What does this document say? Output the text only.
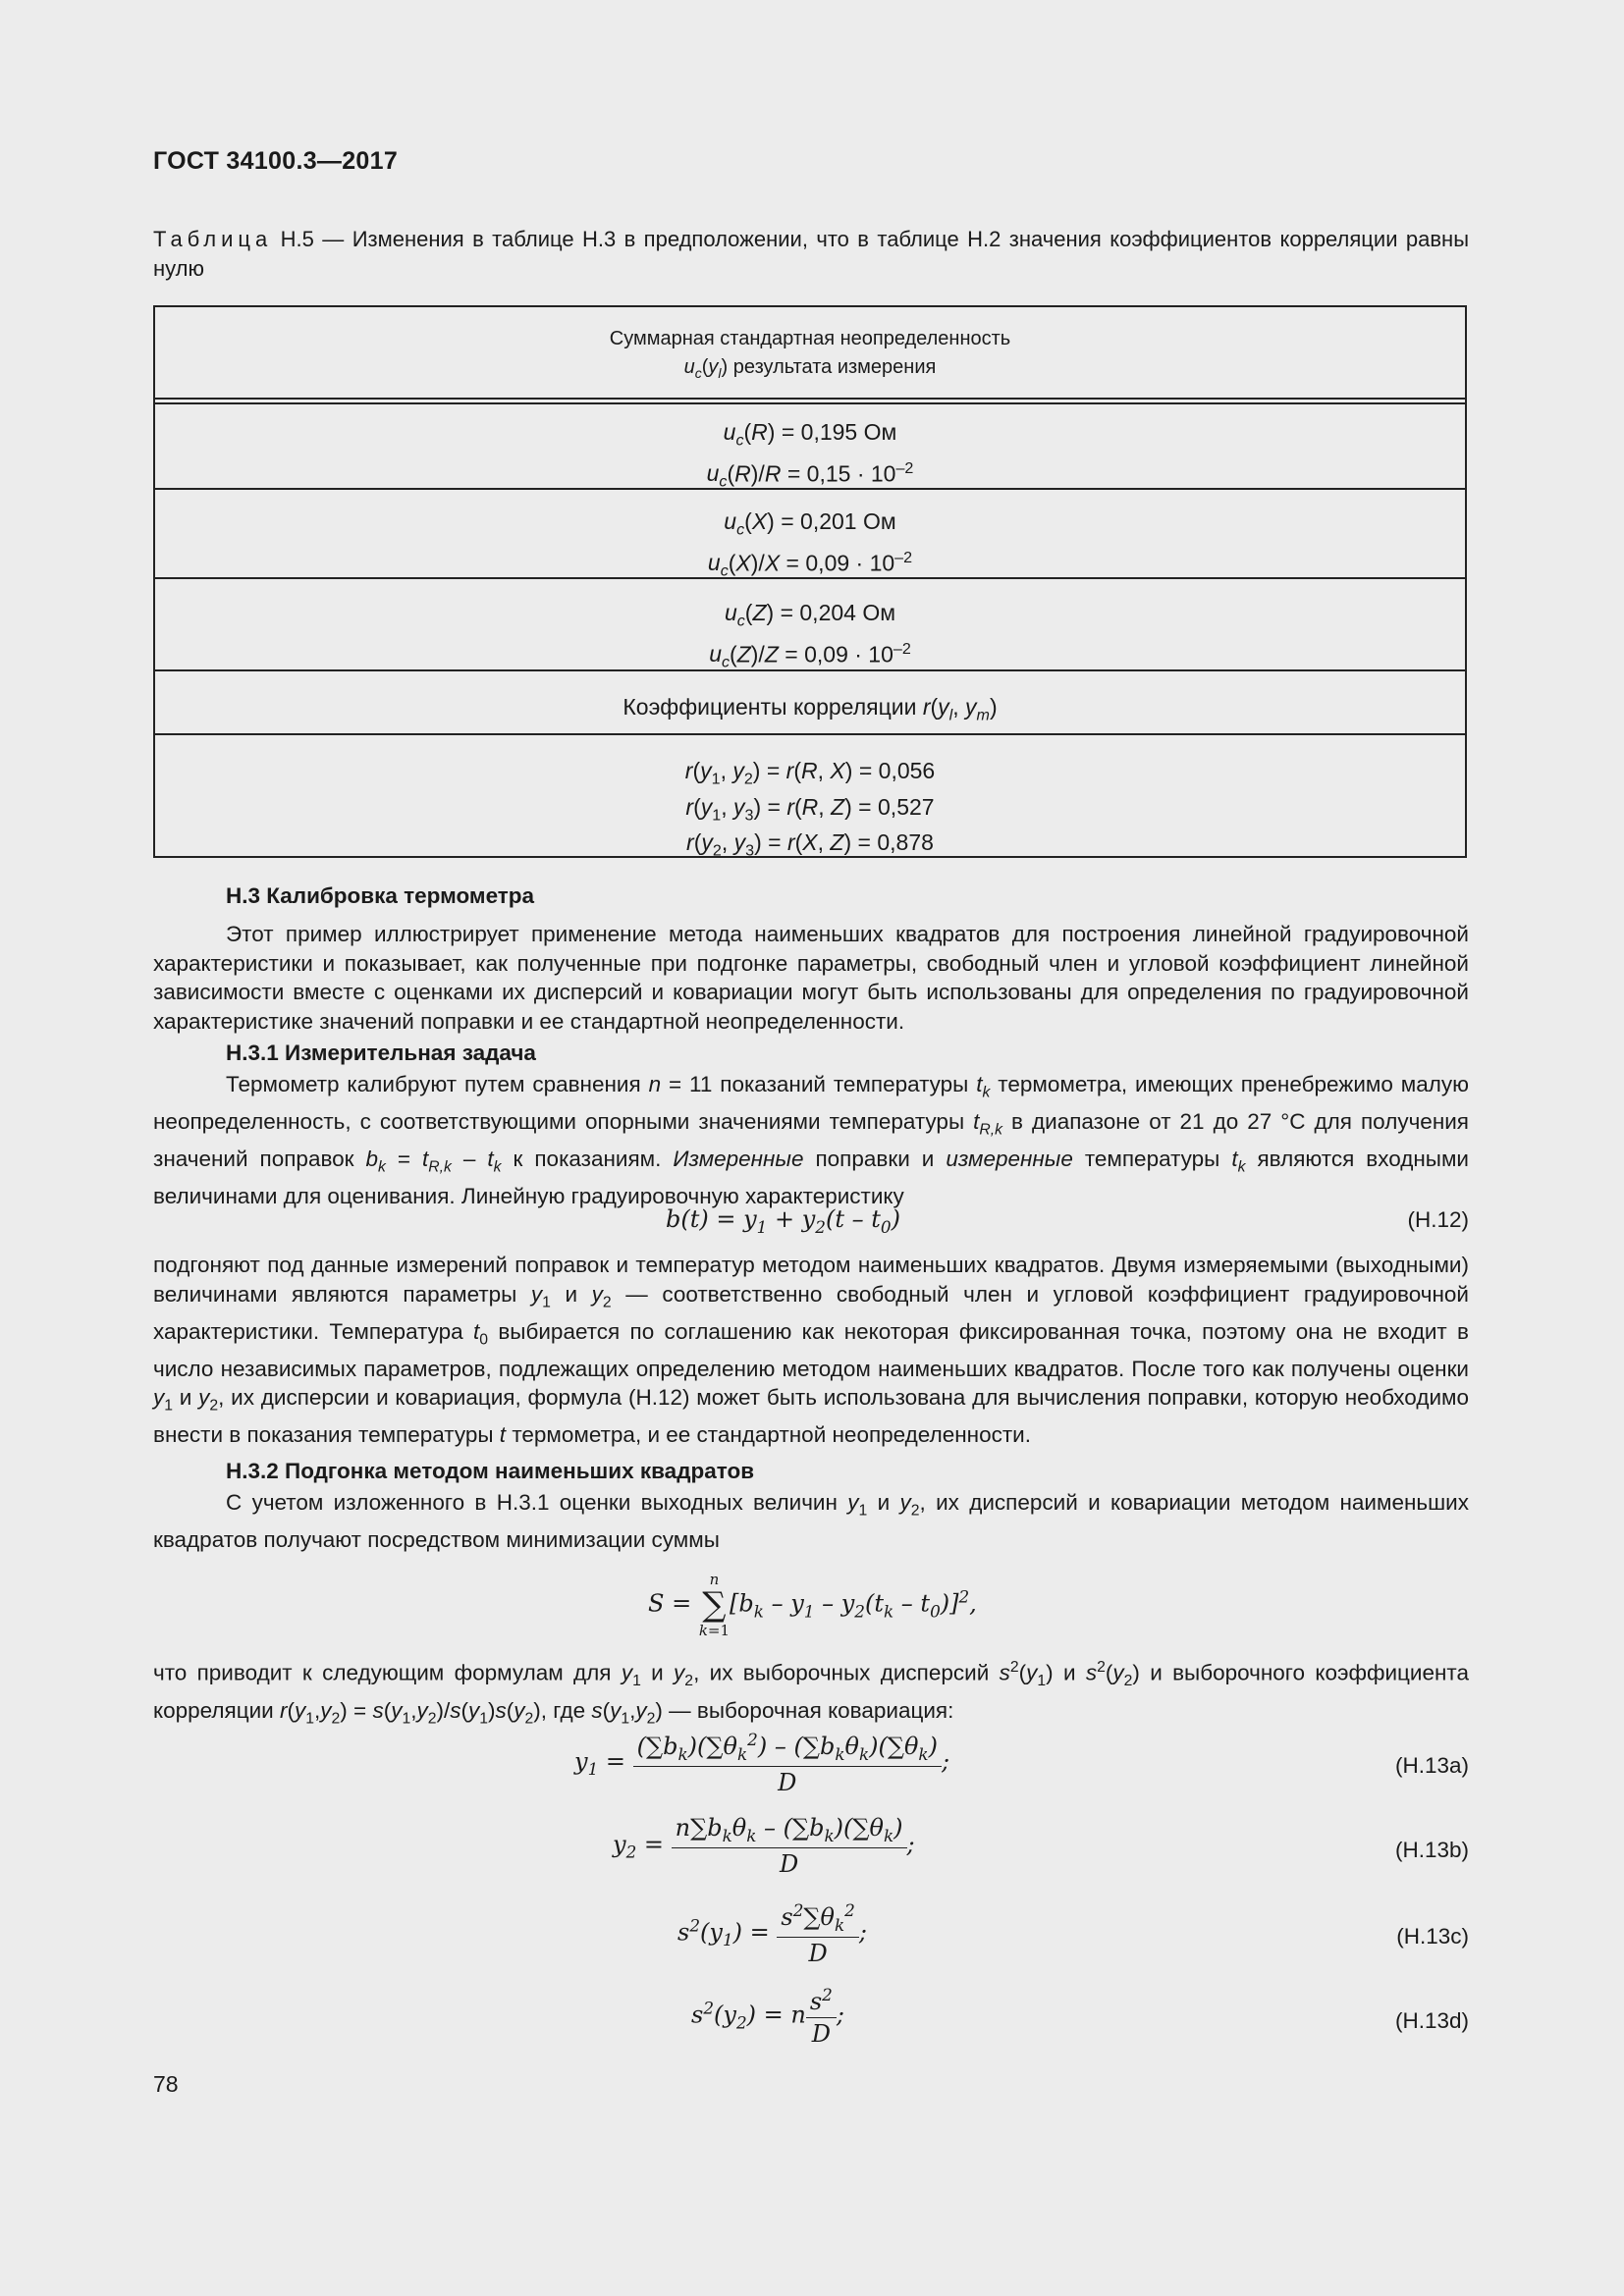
ГОСТ 34100.3—2017
Таблица H.5 — Изменения в таблице H.3 в предположении, что в таблице H.2 значения коэффициентов корреляции равны нулю
Суммарная стандартная неопределенность
$u_c(y_l)$ результата измерения
$u_c(R) = 0,195$ Ом
$u_c(R)/R = 0,15 \cdot 10^{-2}$
$u_c(X) = 0,201$ Ом
$u_c(X)/X = 0,09 \cdot 10^{-2}$
$u_c(Z) = 0,204$ Ом
$u_c(Z)/Z = 0,09 \cdot 10^{-2}$
Коэффициенты корреляции $r(y_l$, $y_m$)
$r(y_1$, $y_2) = r(R$, X) = 0,056
$r(y_1$, $y_3) = r(R$, Z) = 0,527
$r(y_2$, $y_3) = r(X$, Z) = 0,878
H.3 Калибровка термометра
Этот пример иллюстрирует применение метода наименьших квадратов для построения линейной градуировочной характеристики и показывает, как полученные при подгонке параметры, свободный член и угловой коэффициент линейной зависимости вместе с оценками их дисперсий и ковариации могут быть использованы для определения по градуировочной характеристике значений поправки и ее стандартной неопределенности.
H.3.1 Измерительная задача
Термометр калибруют путем сравнения n = 11 показаний температуры $t_k$ термометра, имеющих пренебрежимо малую неопределенность, с соответствующими опорными значениями температуры $t_{R,k}$ в диапазоне от 21 до 27 °С для получения значений поправок $b_k = t_{R,k} - t_k$ к показаниям. Измеренные поправки и измеренные температуры $t_k$ являются входными величинами для оценивания. Линейную градуировочную характеристику
$b(t) = y_1 + y_2(t - t_0)$	(H.12)
подгоняют под данные измерений поправок и температур методом наименьших квадратов. Двумя измеряемыми (выходными) величинами являются параметры $y_1$ и $y_2$ — соответственно свободный член и угловой коэффициент градуировочной характеристики. Температура $t_0$ выбирается по соглашению как некоторая фиксированная точка, поэтому она не входит в число независимых параметров, подлежащих определению методом наименьших квадратов. После того как получены оценки $y_1$ и $y_2$, их дисперсии и ковариация, формула (H.12) может быть использована для вычисления поправки, которую необходимо внести в показания температуры t термометра, и ее стандартной неопределенности.
H.3.2 Подгонка методом наименьших квадратов
С учетом изложенного в H.3.1 оценки выходных величин $y_1$ и $y_2$, их дисперсий и ковариации методом наименьших квадратов получают посредством минимизации суммы
S =
n
∑
k=1
$[b_k - y_1 - y_2(t_k - t_0)]^2$,
что приводит к следующим формулам для $y_1$ и $y_2$, их выборочных дисперсий $s^2(y_1)$ и $s^2(y_2)$ и выборочного коэффициента корреляции $r(y_1,y_2) = s(y_1,y_2)/s(y_1)s(y_2)$, где $s(y_1,y_2)$ — выборочная ковариация:
$y_1 = \frac{(\sum b_k)(\sum\theta_k^2) - (\sum b_k\theta_k)(\sum\theta_k)}{D}$ ;	(H.13a)
$y_2 = \frac{n\sum b_k\theta_k - (\sum b_k)(\sum\theta_k)}{D}$ ;	(H.13b)
$s^2(y_1) = \frac{s^2\sum\theta_k^2}{D}$ ;	(H.13c)
$s^2(y_2) = n \frac{s^2}{D}$ ;	(H.13d)
78
